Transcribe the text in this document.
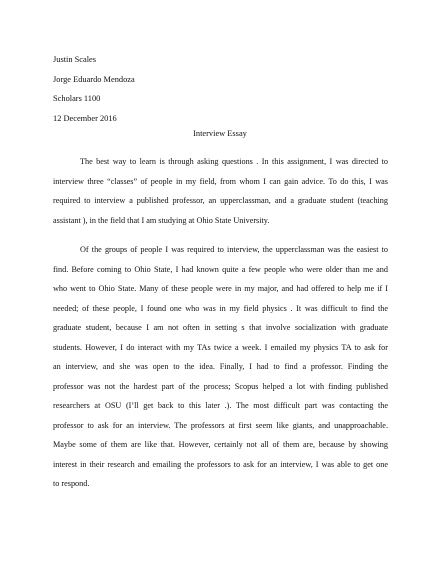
Justin Scales
Jorge Eduardo Mendoza
Scholars 1100
12 December 2016
Interview Essay
The best way to learn is through asking questions . In this assignment, I was directed to
interview three “classes” of people in my field, from whom I can gain advice. To do this, I was
required to interview a published professor, an upperclassman, and a graduate student (teaching
assistant ), in the field that I am studying at Ohio State University.
Of the groups of people I was required to interview, the upperclassman was the easiest to
find. Before coming to Ohio State, I had known quite a few people who were older than me and
who went to Ohio State. Many of these people were in my major, and had offered to help me if I
needed; of these people, I found one who was in my field physics . It was difficult to find the
graduate student, because I am not often in setting s that involve socialization with graduate
students. However, I do interact with my TAs twice a week. I emailed my physics TA to ask for
an interview, and she was open to the idea. Finally, I had to find a professor. Finding the
professor was not the hardest part of the process; Scopus helped a lot with finding published
researchers at OSU (I’ll get back to this later .). The most difficult part was contacting the
professor to ask for an interview. The professors at first seem like giants, and unapproachable.
Maybe some of them are like that. However, certainly not all of them are, because by showing
interest in their research and emailing the professors to ask for an interview, I was able to get one
to respond.
